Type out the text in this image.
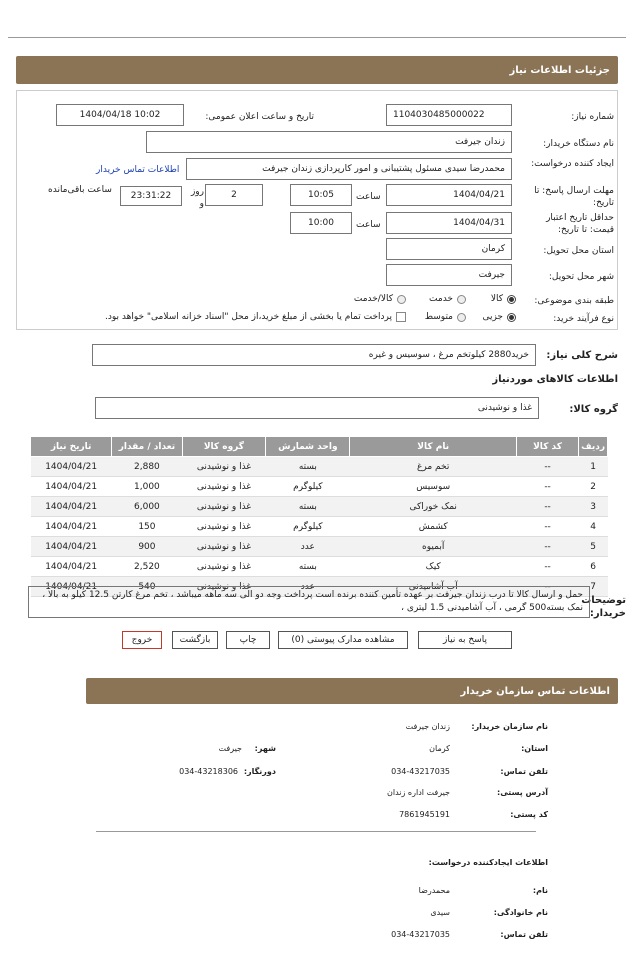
جزئیات اطلاعات نیاز
شماره نیاز:
1104030485000022
تاریخ و ساعت اعلان عمومی:
1404/04/18 10:02
نام دستگاه خریدار:
زندان جیرفت
ایجاد کننده درخواست:
محمدرضا سیدی مسئول پشتیبانی و امور کارپردازی زندان جیرفت
اطلاعات تماس خریدار
مهلت ارسال پاسخ: تا تاریخ:
1404/04/21
ساعت
10:05
2
روز و
23:31:22
ساعت باقی‌مانده
حداقل تاریخ اعتبار قیمت: تا تاریخ:
1404/04/31
ساعت
10:00
استان محل تحویل:
کرمان
شهر محل تحویل:
جیرفت
طبقه بندی موضوعی:
کالا
خدمت
کالا/خدمت
نوع فرآیند خرید:
جزیی
متوسط
پرداخت تمام یا بخشی از مبلغ خرید،از محل "اسناد خزانه اسلامی" خواهد بود.
شرح کلی نیاز:
خرید2880 کیلوتخم مرغ ، سوسیس و غیره
اطلاعات کالاهای موردنیاز
گروه کالا:
غذا و نوشیدنی
ردیف	کد کالا	نام کالا	واحد شمارش	گروه کالا	تعداد / مقدار	تاریخ نیاز
1	--	تخم مرغ	بسته	غذا و نوشیدنی	2,880	1404/04/21
2	--	سوسیس	کیلوگرم	غذا و نوشیدنی	1,000	1404/04/21
3	--	نمک خوراکی	بسته	غذا و نوشیدنی	6,000	1404/04/21
4	--	کشمش	کیلوگرم	غذا و نوشیدنی	150	1404/04/21
5	--	آبمیوه	عدد	غذا و نوشیدنی	900	1404/04/21
6	--	کیک	بسته	غذا و نوشیدنی	2,520	1404/04/21
7	--	آب آشامیدنی	عدد	غذا و نوشیدنی	540	1404/04/21
توضیحات خریدار:
حمل و ارسال کالا تا درب زندان جیرفت بر عهده تأمین کننده برنده است پرداخت وجه دو الی سه ماهه میباشد ، تخم مرغ کارتن 12.5 کیلو به بالا ، نمک بسته500 گرمی ، آب آشامیدنی 1.5 لیتری ،
پاسخ به نیاز
مشاهده مدارک پیوستی (0)
چاپ
بازگشت
خروج
اطلاعات تماس سازمان خریدار
نام سازمان خریدار:
زندان جیرفت
استان:
کرمان
شهر:
جیرفت
تلفن تماس:
034-43217035
دورنگار:
034-43218306
آدرس پستی:
جیرفت اداره زندان
کد پستی:
7861945191
اطلاعات ایجادکننده درخواست:
نام:
محمدرضا
نام خانوادگی:
سیدی
تلفن تماس:
034-43217035
